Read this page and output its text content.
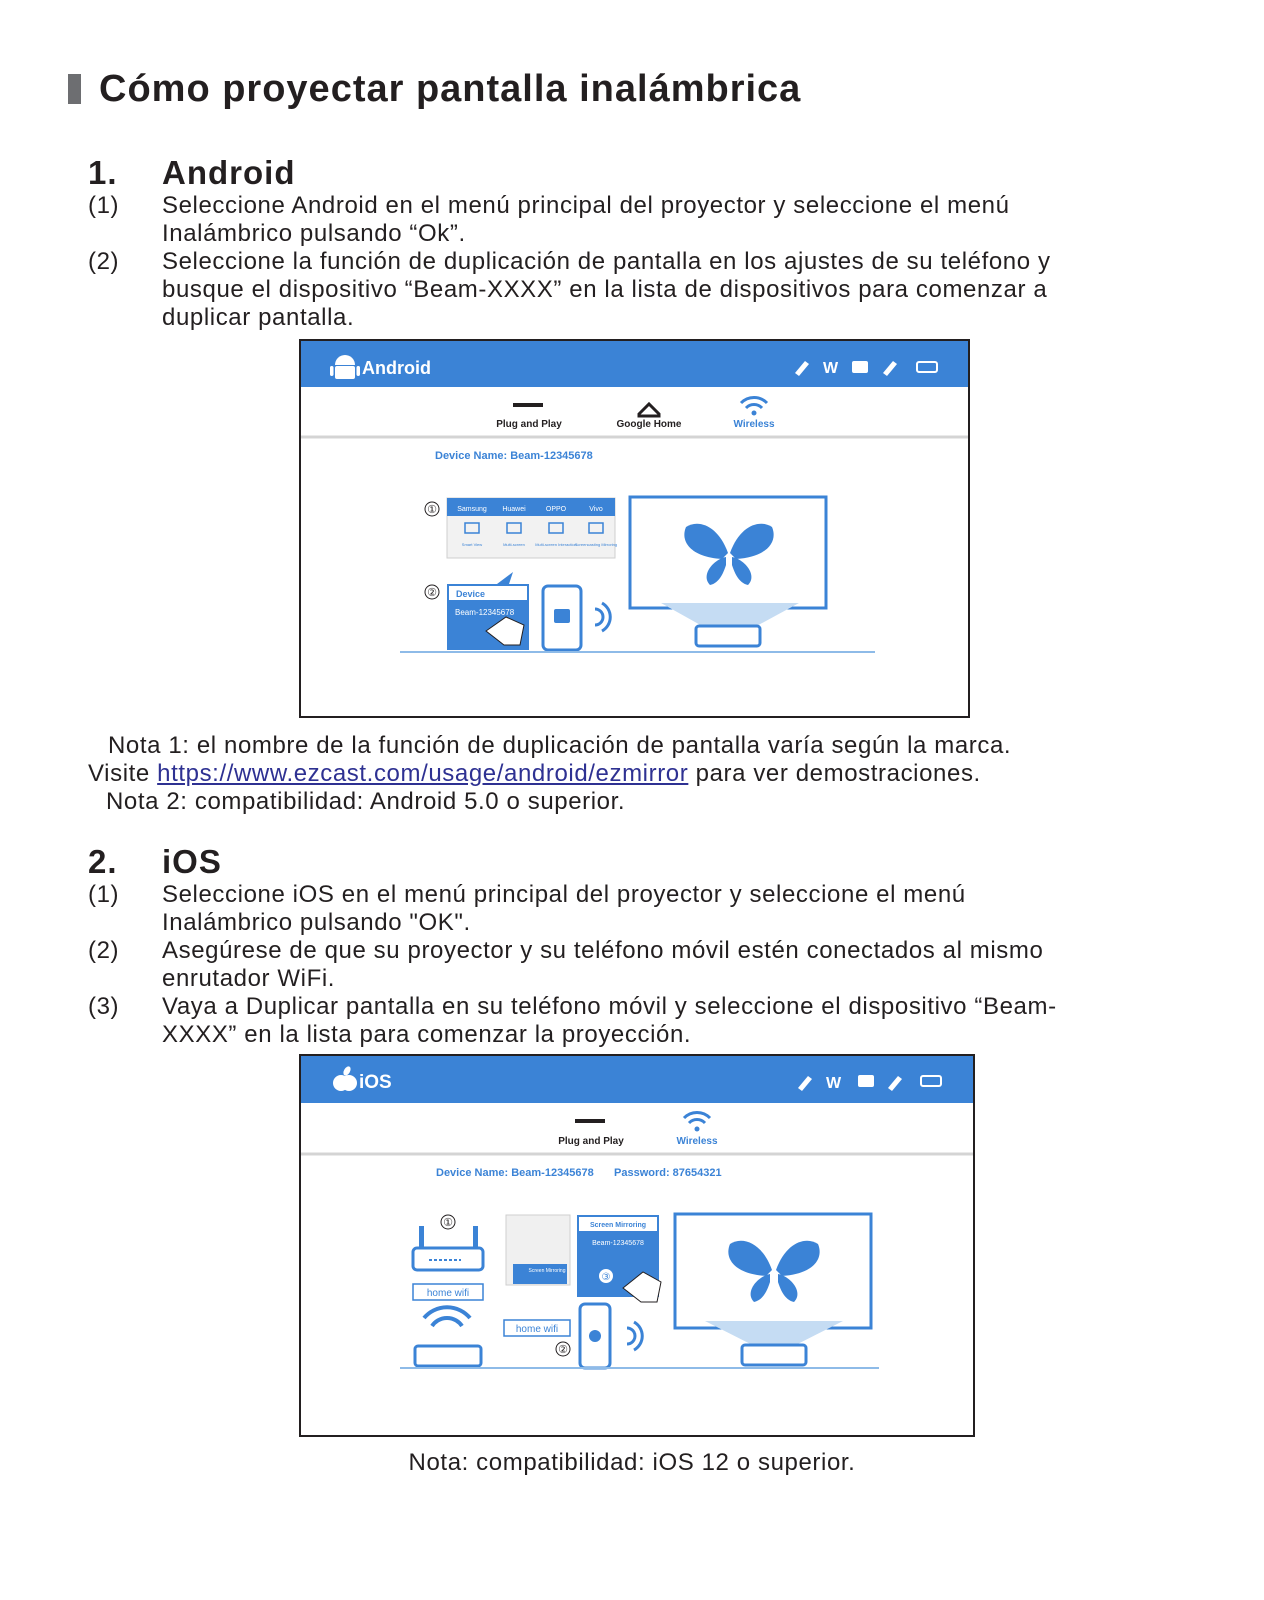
Cómo proyectar pantalla inalámbrica
1.	Android
(1)	Seleccione Android en el menú principal del proyector y seleccione el menú Inalámbrico pulsando “Ok”.
(2)	Seleccione la función de duplicación de pantalla en los ajustes de su teléfono y busque el dispositivo “Beam-XXXX” en la lista de dispositivos para comenzar a duplicar pantalla.
Android	W
Plug and Play	Google Home	Wireless
Device Name: Beam-12345678
①	Samsung Huawei	OPPO	Vivo
Smart View	Multi-screen	Multi-screen Interaction
Screencasting Mirroring
② Device
Beam-12345678
Nota 1: el nombre de la función de duplicación de pantalla varía según la marca.
Visite https://www.ezcast.com/usage/android/ezmirror para ver demostraciones.
Nota 2: compatibilidad: Android 5.0 o superior.
2.	iOS
(1)	Seleccione iOS en el menú principal del proyector y seleccione el menú Inalámbrico pulsando "OK".
(2)	Asegúrese de que su proyector y su teléfono móvil estén conectados al mismo enrutador WiFi.
(3)	Vaya a Duplicar pantalla en su teléfono móvil y seleccione el dispositivo “Beam-XXXX” en la lista para comenzar la proyección.
iOS	W
Plug and Play	Wireless
Device Name: Beam-12345678 Password: 87654321
①
home wifi
Screen Mirroring
Screen Mirroring
Beam-12345678
③
home wifi
②
Nota: compatibilidad: iOS 12 o superior.
